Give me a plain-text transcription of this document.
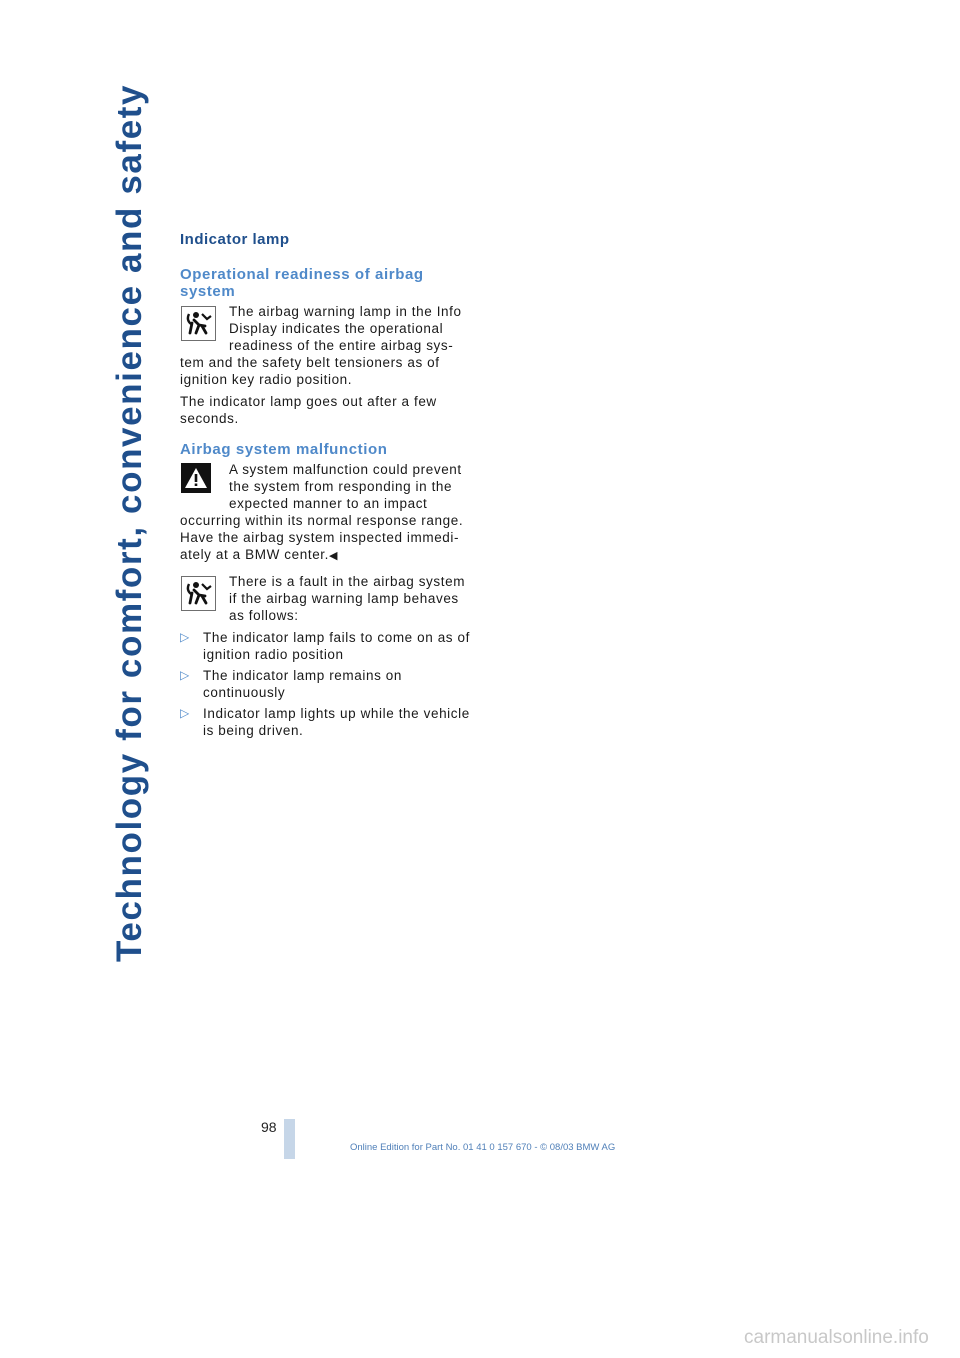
Technology for comfort, convenience and safety Indicator lamp
Operational readiness of airbag system

The airbag warning lamp in the Info Display indicates the operational readiness of the entire airbag sys- tem and the safety belt tensioners as of ignition key radio position.

The indicator lamp goes out after a few seconds.

Airbag system malfunction
A system malfunction could prevent the system from responding in the expected manner to an impact occurring within its normal response range. Have the airbag system inspected immedi- ately at a BMW center.◀

There is a fault in the airbag system if the airbag warning lamp behaves as follows:

▷ The indicator lamp fails to come on as of ignition radio position
▷ The indicator lamp remains on continuously
▷ Indicator lamp lights up while the vehicle is being driven.
98
Online Edition for Part No. 01 41 0 157 670 - © 08/03 BMW AG
carmanualsonline.info
